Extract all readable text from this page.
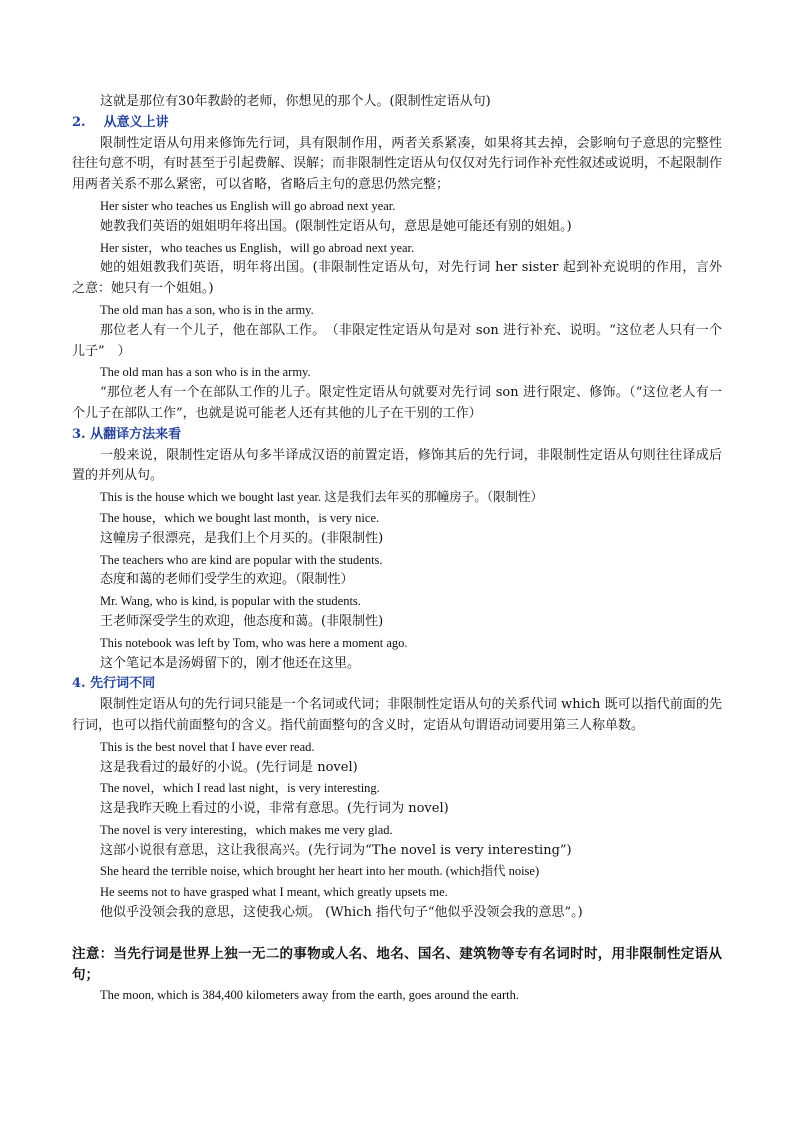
这就是那位有30年教龄的老师，你想见的那个人。(限制性定语从句)
2.    从意义上讲
限制性定语从句用来修饰先行词，具有限制作用，两者关系紧凑，如果将其去掉，会影响句子意思的完整性往往句意不明，有时甚至于引起费解、误解；而非限制性定语从句仅仅对先行词作补充性叙述或说明，不起限制作用两者关系不那么紧密，可以省略，省略后主句的意思仍然完整；
Her sister who teaches us English will go abroad next year.
她教我们英语的姐姐明年将出国。(限制性定语从句，意思是她可能还有别的姐姐。)
Her sister，who teaches us English，will go abroad next year.
她的姐姐教我们英语，明年将出国。(非限制性定语从句，对先行词 her sister 起到补充说明的作用，言外之意：她只有一个姐姐。)
The old man has a son, who is in the army.
那位老人有一个儿子，他在部队工作。　（非限定性定语从句是对 son 进行补充、说明。“这位老人只有一个儿子”　）
The old man has a son who is in the army.
“那位老人有一个在部队工作的儿子。限定性定语从句就要对先行词 son 进行限定、修饰。（“这位老人有一个儿子在部队工作”，也就是说可能老人还有其他的儿子在干别的工作）
3. 从翻译方法来看
一般来说，限制性定语从句多半译成汉语的前置定语，修饰其后的先行词，非限制性定语从句则往往译成后置的并列从句。
This is the house which we bought last year. 这是我们去年买的那幢房子。（限制性）
The house，which we bought last month，is very nice.
这幢房子很漂亮，是我们上个月买的。(非限制性)
The teachers who are kind are popular with the students.
态度和蔼的老师们受学生的欢迎。（限制性）
Mr. Wang, who is kind, is popular with the students.
王老师深受学生的欢迎，他态度和蔼。(非限制性)
This notebook was left by Tom, who was here a moment ago.
这个笔记本是汤姆留下的，刚才他还在这里。
4. 先行词不同
限制性定语从句的先行词只能是一个名词或代词；非限制性定语从句的关系代词 which 既可以指代前面的先行词，也可以指代前面整句的含义。指代前面整句的含义时，定语从句谓语动词要用第三人称单数。
This is the best novel that I have ever read.
这是我看过的最好的小说。(先行词是 novel)
The novel，which I read last night，is very interesting.
这是我昨天晚上看过的小说，非常有意思。(先行词为 novel)
The novel is very interesting，which makes me very glad.
这部小说很有意思，这让我很高兴。(先行词为“The novel is very interesting”)
She heard the terrible noise, which brought her heart into her mouth. (which指代 noise)
He seems not to have grasped what I meant, which greatly upsets me.
他似乎没领会我的意思，这使我心烦。 (Which 指代句子“他似乎没领会我的意思”。)
注意：当先行词是世界上独一无二的事物或人名、地名、国名、建筑物等专有名词时时，用非限制性定语从句；
The moon, which is 384,400 kilometers away from the earth, goes around the earth.
